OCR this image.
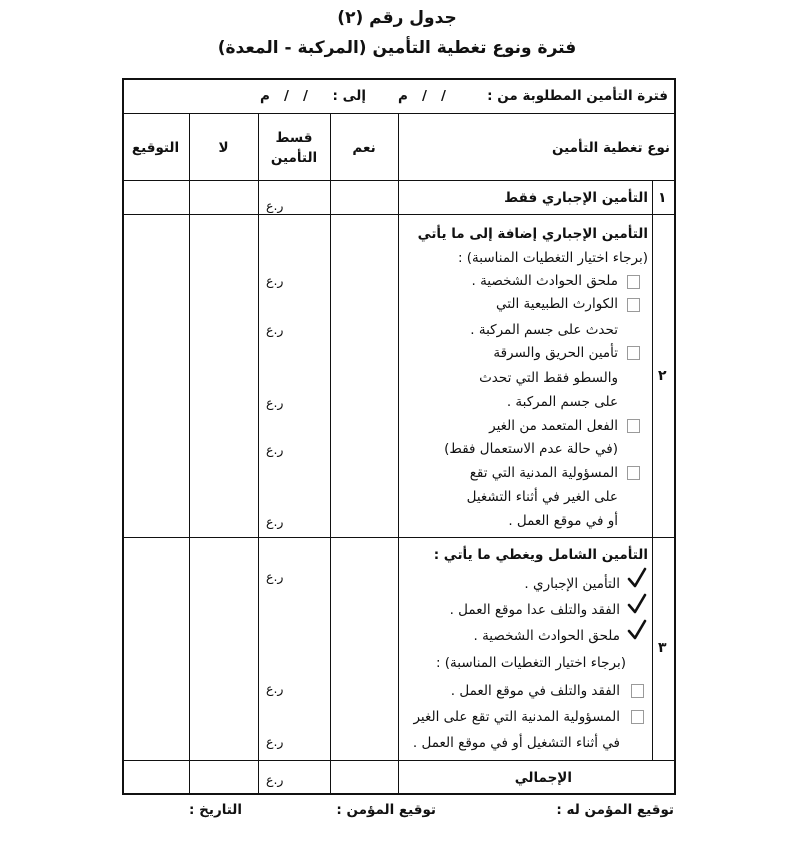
جدول رقم (٢)
فترة ونوع تغطية التأمين (المركبة - المعدة)
فترة التأمين المطلوبة من :
/   /   م
إلى :
/   /   م
نوع تغطية التأمين
نعم
قسط التأمين
لا
التوقيع
١
٢
٣
التأمين الإجباري فقط
التأمين الإجباري إضافة إلى ما يأتي
(برجاء اختيار التغطيات المناسبة) :
ملحق الحوادث الشخصية .
الكوارث الطبيعية التي
تحدث على جسم المركبة .
تأمين الحريق والسرقة
والسطو فقط التي تحدث
على جسم المركبة .
الفعل المتعمد من الغير
(في حالة عدم الاستعمال فقط)
المسؤولية المدنية التي تقع
على الغير في أثناء التشغيل
أو في موقع العمل .
التأمين الشامل ويغطي ما يأتي :
التأمين الإجباري .
الفقد والتلف عدا موقع العمل .
ملحق الحوادث الشخصية .
(برجاء اختيار التغطيات المناسبة) :
الفقد والتلف في موقع العمل .
المسؤولية المدنية التي تقع على الغير
في أثناء التشغيل أو في موقع العمل .
الإجمالي
ر.ع
ر.ع
ر.ع
ر.ع
ر.ع
ر.ع
ر.ع
ر.ع
ر.ع
ر.ع
توقيع المؤمن له :
توقيع المؤمن :
التاريخ :
